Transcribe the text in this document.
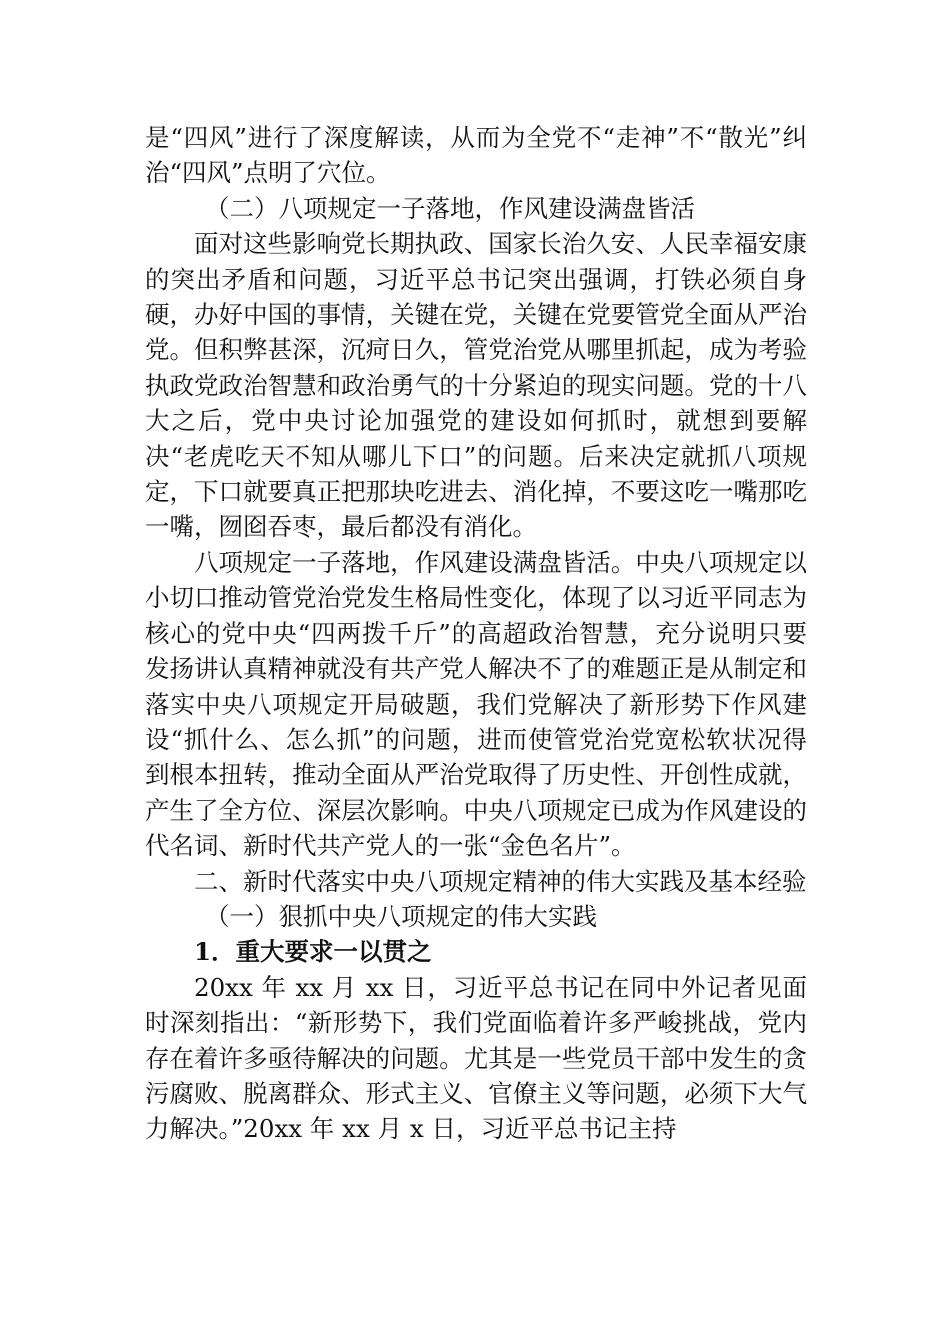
是“四风”进行了深度解读，从而为全党不“走神”不“散光”纠治“四风”点明了穴位。

（二）八项规定一子落地，作风建设满盘皆活

面对这些影响党长期执政、国家长治久安、人民幸福安康的突出矛盾和问题，习近平总书记突出强调，打铁必须自身硬，办好中国的事情，关键在党，关键在党要管党全面从严治党。但积弊甚深，沉疴日久，管党治党从哪里抓起，成为考验执政党政治智慧和政治勇气的十分紧迫的现实问题。党的十八大之后，党中央讨论加强党的建设如何抓时，就想到要解决“老虎吃天不知从哪儿下口”的问题。后来决定就抓八项规定，下口就要真正把那块吃进去、消化掉，不要这吃一嘴那吃一嘴，囫囵吞枣，最后都没有消化。

八项规定一子落地，作风建设满盘皆活。中央八项规定以小切口推动管党治党发生格局性变化，体现了以习近平同志为核心的党中央“四两拨千斤”的高超政治智慧，充分说明只要发扬讲认真精神就没有共产党人解决不了的难题正是从制定和落实中央八项规定开局破题，我们党解决了新形势下作风建设“抓什么、怎么抓”的问题，进而使管党治党宽松软状况得到根本扭转，推动全面从严治党取得了历史性、开创性成就，产生了全方位、深层次影响。中央八项规定已成为作风建设的代名词、新时代共产党人的一张“金色名片”。

二、新时代落实中央八项规定精神的伟大实践及基本经验

（一）狠抓中央八项规定的伟大实践

1．重大要求一以贯之

20xx 年 xx 月 xx 日，习近平总书记在同中外记者见面时深刻指出：“新形势下，我们党面临着许多严峻挑战，党内存在着许多亟待解决的问题。尤其是一些党员干部中发生的贪污腐败、脱离群众、形式主义、官僚主义等问题，必须下大气力解决。”20xx 年 xx 月 x 日，习近平总书记主持
